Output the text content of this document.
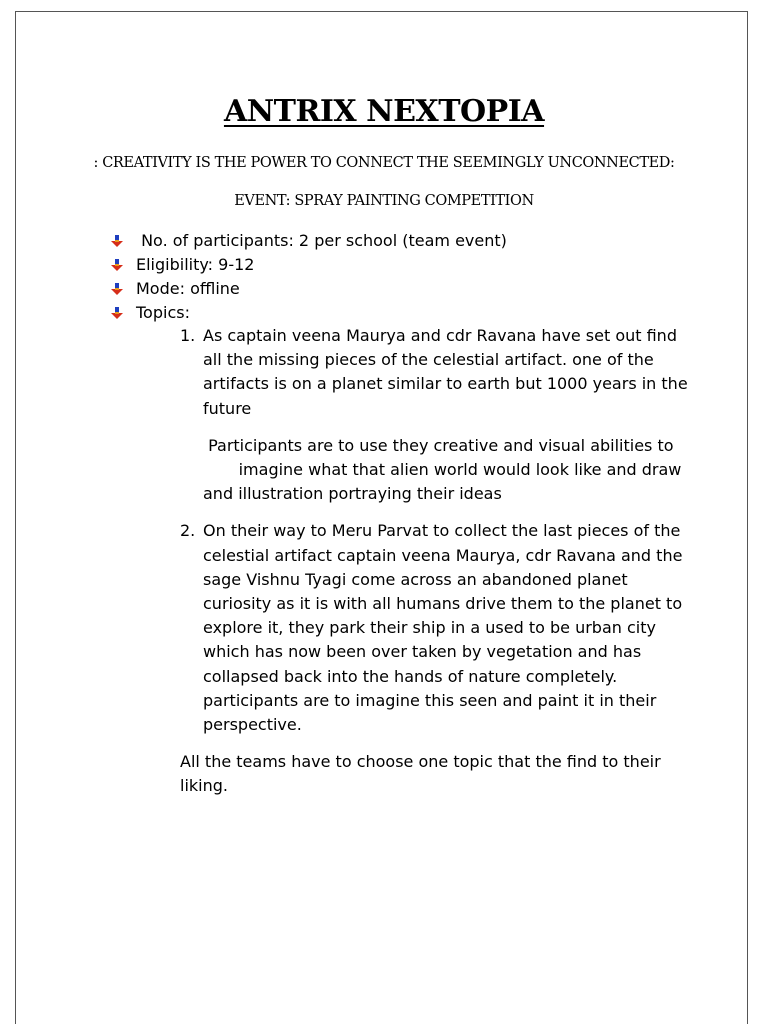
ANTRIX NEXTOPIA
: CREATIVITY IS THE POWER TO CONNECT THE SEEMINGLY UNCONNECTED:
EVENT: SPRAY PAINTING COMPETITION
No. of participants: 2 per school (team event)
Eligibility: 9-12
Mode: offline
Topics:
1. As captain veena Maurya and cdr Ravana have set out find all the missing pieces of the celestial artifact. one of the artifacts is on a planet similar to earth but 1000 years in the future

Participants are to use they creative and visual abilities to        imagine what that alien world would look like and draw and illustration portraying their ideas

2. On their way to Meru Parvat to collect the last pieces of the celestial artifact captain veena Maurya, cdr Ravana and the sage Vishnu Tyagi come across an abandoned planet curiosity as it is with all humans drive them to the planet to explore it, they park their ship in a used to be urban city which has now been over taken by vegetation and has collapsed back into the hands of nature completely. participants are to imagine this seen and paint it in their perspective.

All the teams have to choose one topic that the find to their liking.
